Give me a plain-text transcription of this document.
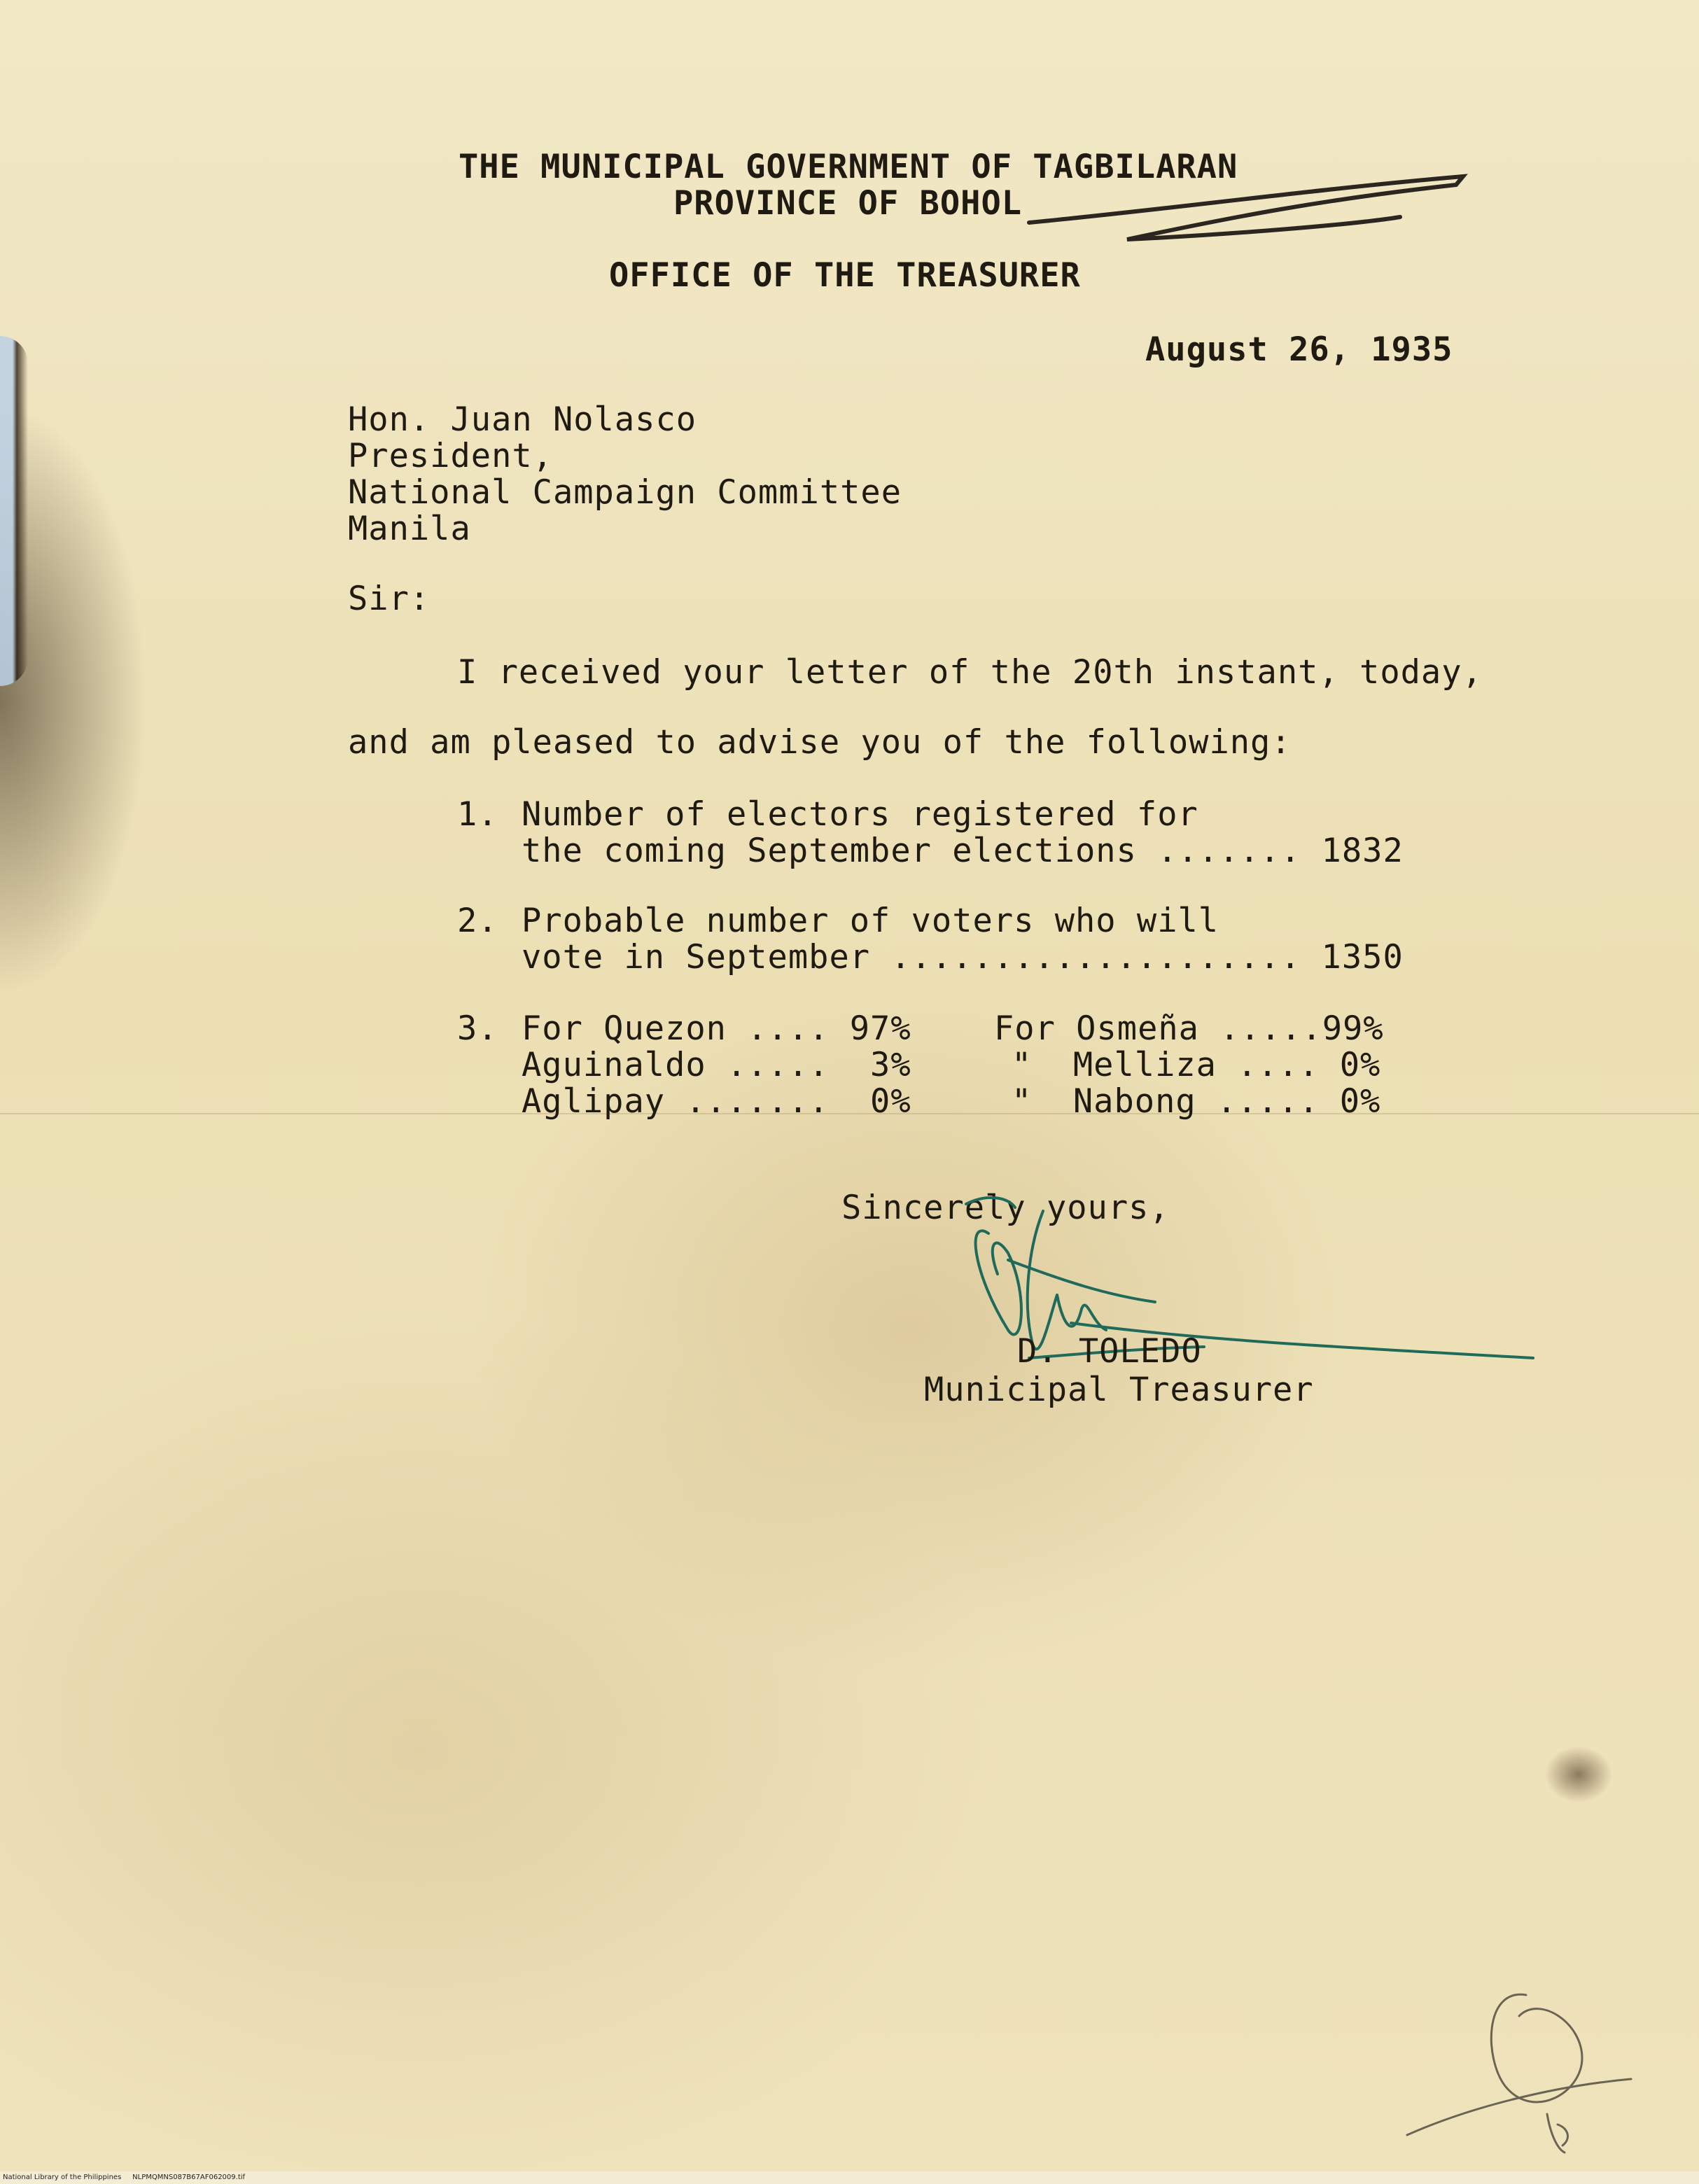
THE MUNICIPAL GOVERNMENT OF TAGBILARAN
PROVINCE OF BOHOL
OFFICE OF THE TREASURER
August 26, 1935
Hon. Juan Nolasco
President,
National Campaign Committee
Manila
Sir:
I received your letter of the 20th instant, today,
and am pleased to advise you of the following:
1. Number of electors registered for
the coming September elections ....... 1832
2. Probable number of voters who will
vote in September .................... 1350
3. For Quezon .... 97%
Aguinaldo .....  3%
Aglipay .......  0%
For Osmeña .....99%
"  Melliza .... 0%
"  Nabong ..... 0%
Sincerely yours,
D. TOLEDO
Municipal Treasurer
National Library of the Philippines     NLPMQMNS087B67AF062009.tif
